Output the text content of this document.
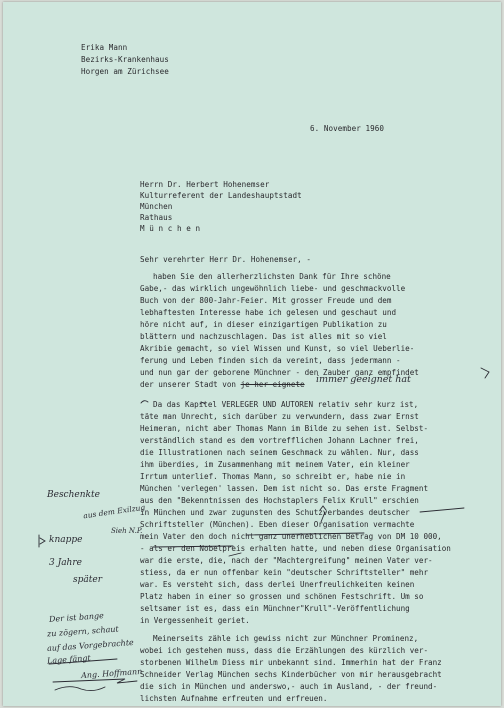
Erika Mann
Bezirks-Krankenhaus
Horgen am Zürichsee
6. November 1960
Herrn Dr. Herbert Hohenemser
Kulturreferent der Landeshauptstadt
München
Rathaus
M ü n c h e n
Sehr verehrter Herr Dr. Hohenemser, -
haben Sie den allerherzlichsten Dank für Ihre schöne
Gabe,- das wirklich ungewöhnlich liebe- und geschmackvolle
Buch von der 800-Jahr-Feier. Mit grosser Freude und dem
lebhaftesten Interesse habe ich gelesen und geschaut und
höre nicht auf, in dieser einzigartigen Publikation zu
blättern und nachzuschlagen. Das ist alles mit so viel
Akribie gemacht, so viel Wissen und Kunst, so viel Ueberlie-
ferung und Leben finden sich da vereint, dass jedermann -
und nun gar der geborene Münchner - den Zauber ganz empfindet
der unserer Stadt von je her eignete immer geeignet hat
Da das Kapitel VERLEGER UND AUTOREN relativ sehr kurz ist,
täte man Unrecht, sich darüber zu verwundern, dass zwar Ernst
Heimeran, nicht aber Thomas Mann im Bilde zu sehen ist. Selbst-
verständlich stand es dem vortrefflichen Johann Lachner frei,
die Illustrationen nach seinem Geschmack zu wählen. Nur, dass
ihm überdies, im Zusammenhang mit meinem Vater, ein kleiner
Irrtum unterlief. Thomas Mann, so schreibt er, habe nie in
München 'verlegen' lassen. Dem ist nicht so. Das erste Fragment
aus den "Bekenntnissen des Hochstaplers Felix Krull" erschien
in München und zwar zugunsten des Schutzverbandes deutscher
Schriftsteller (München). Eben dieser Organisation vermachte
mein Vater den doch nicht ganz unerheblichen Betrag von DM 10 000,
- als er den Nobelpreis erhalten hatte, und neben diese Organisation
war die erste, die, nach der "Machtergreifung" meinen Vater ver-
stiess, da er nun offenbar kein "deutscher Schriftsteller" mehr
war. Es versteht sich, dass derlei Unerfreulichkeiten keinen
Platz haben in einer so grossen und schönen Festschrift. Um so
seltsamer ist es, dass ein Münchner"Krull"-Veröffentlichung
in Vergessenheit geriet.
Meinerseits zähle ich gewiss nicht zur Münchner Prominenz,
wobei ich gestehen muss, dass die Erzählungen des kürzlich ver-
storbenen Wilhelm Diess mir unbekannt sind. Immerhin hat der Franz
Schneider Verlag München sechs Kinderbücher von mir herausgebracht
die sich in München und anderswo,- auch im Ausland, - der freund-
lichsten Aufnahme erfreuten und erfreuen.
Beschenkte
aus dem Exilzug
knappe
Sieh N.P.
3 Jahre
später
Der ist bange
zu zögern, schaut
auf das Vorgebrachte
Lage fängt
Ang. Hoffmann
